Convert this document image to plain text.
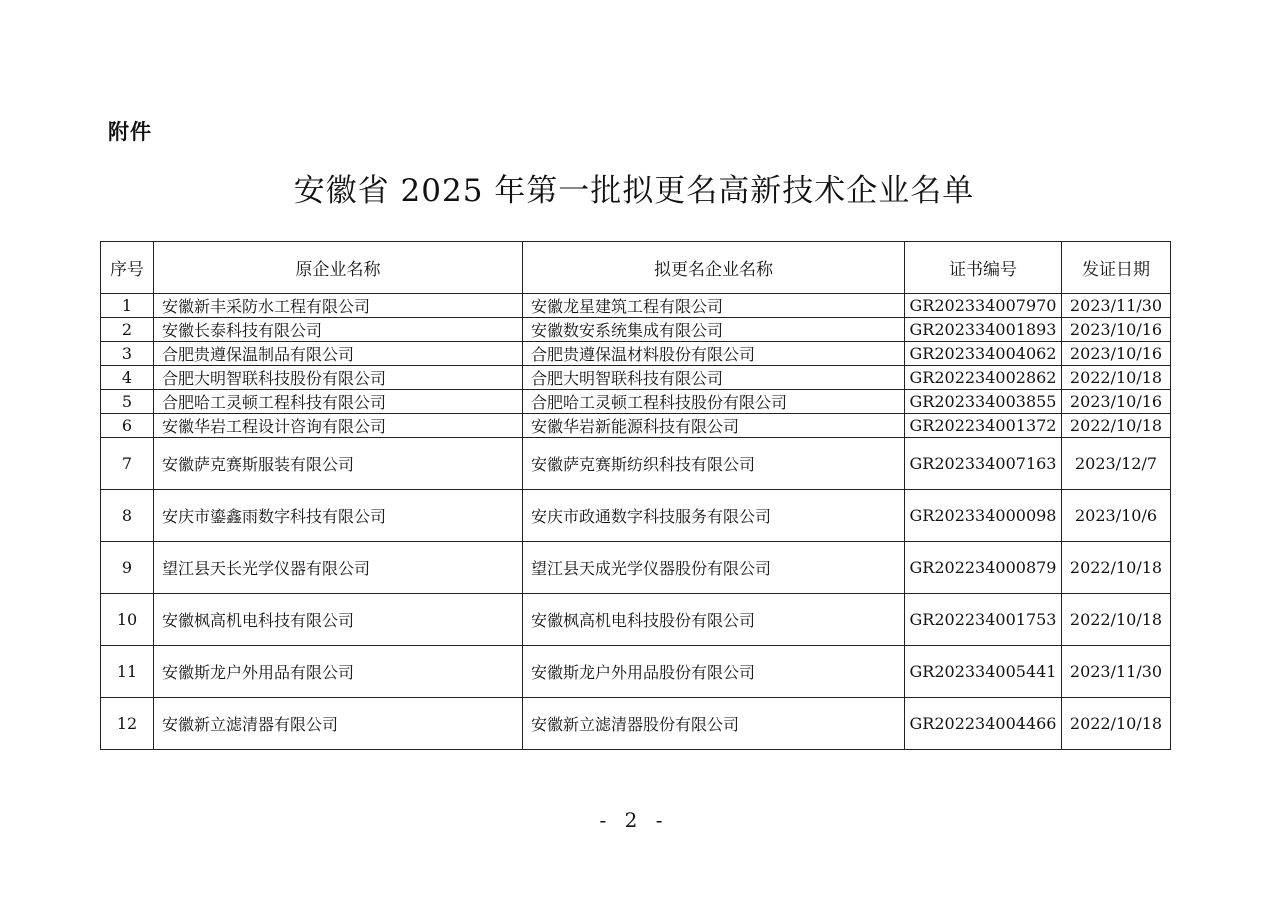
附件
安徽省 2025 年第一批拟更名高新技术企业名单
序号	原企业名称	拟更名企业名称	证书编号	发证日期
1	安徽新丰采防水工程有限公司	安徽龙星建筑工程有限公司	GR202334007970	2023/11/30
2	安徽长泰科技有限公司	安徽数安系统集成有限公司	GR202334001893	2023/10/16
3	合肥贵遵保温制品有限公司	合肥贵遵保温材料股份有限公司	GR202334004062	2023/10/16
4	合肥大明智联科技股份有限公司	合肥大明智联科技有限公司	GR202234002862	2022/10/18
5	合肥哈工灵顿工程科技有限公司	合肥哈工灵顿工程科技股份有限公司	GR202334003855	2023/10/16
6	安徽华岩工程设计咨询有限公司	安徽华岩新能源科技有限公司	GR202234001372	2022/10/18
7	安徽萨克赛斯服装有限公司	安徽萨克赛斯纺织科技有限公司	GR202334007163	2023/12/7
8	安庆市鎏鑫雨数字科技有限公司	安庆市政通数字科技服务有限公司	GR202334000098	2023/10/6
9	望江县天长光学仪器有限公司	望江县天成光学仪器股份有限公司	GR202234000879	2022/10/18
10	安徽枫高机电科技有限公司	安徽枫高机电科技股份有限公司	GR202234001753	2022/10/18
11	安徽斯龙户外用品有限公司	安徽斯龙户外用品股份有限公司	GR202334005441	2023/11/30
12	安徽新立滤清器有限公司	安徽新立滤清器股份有限公司	GR202234004466	2022/10/18
- 2 -
